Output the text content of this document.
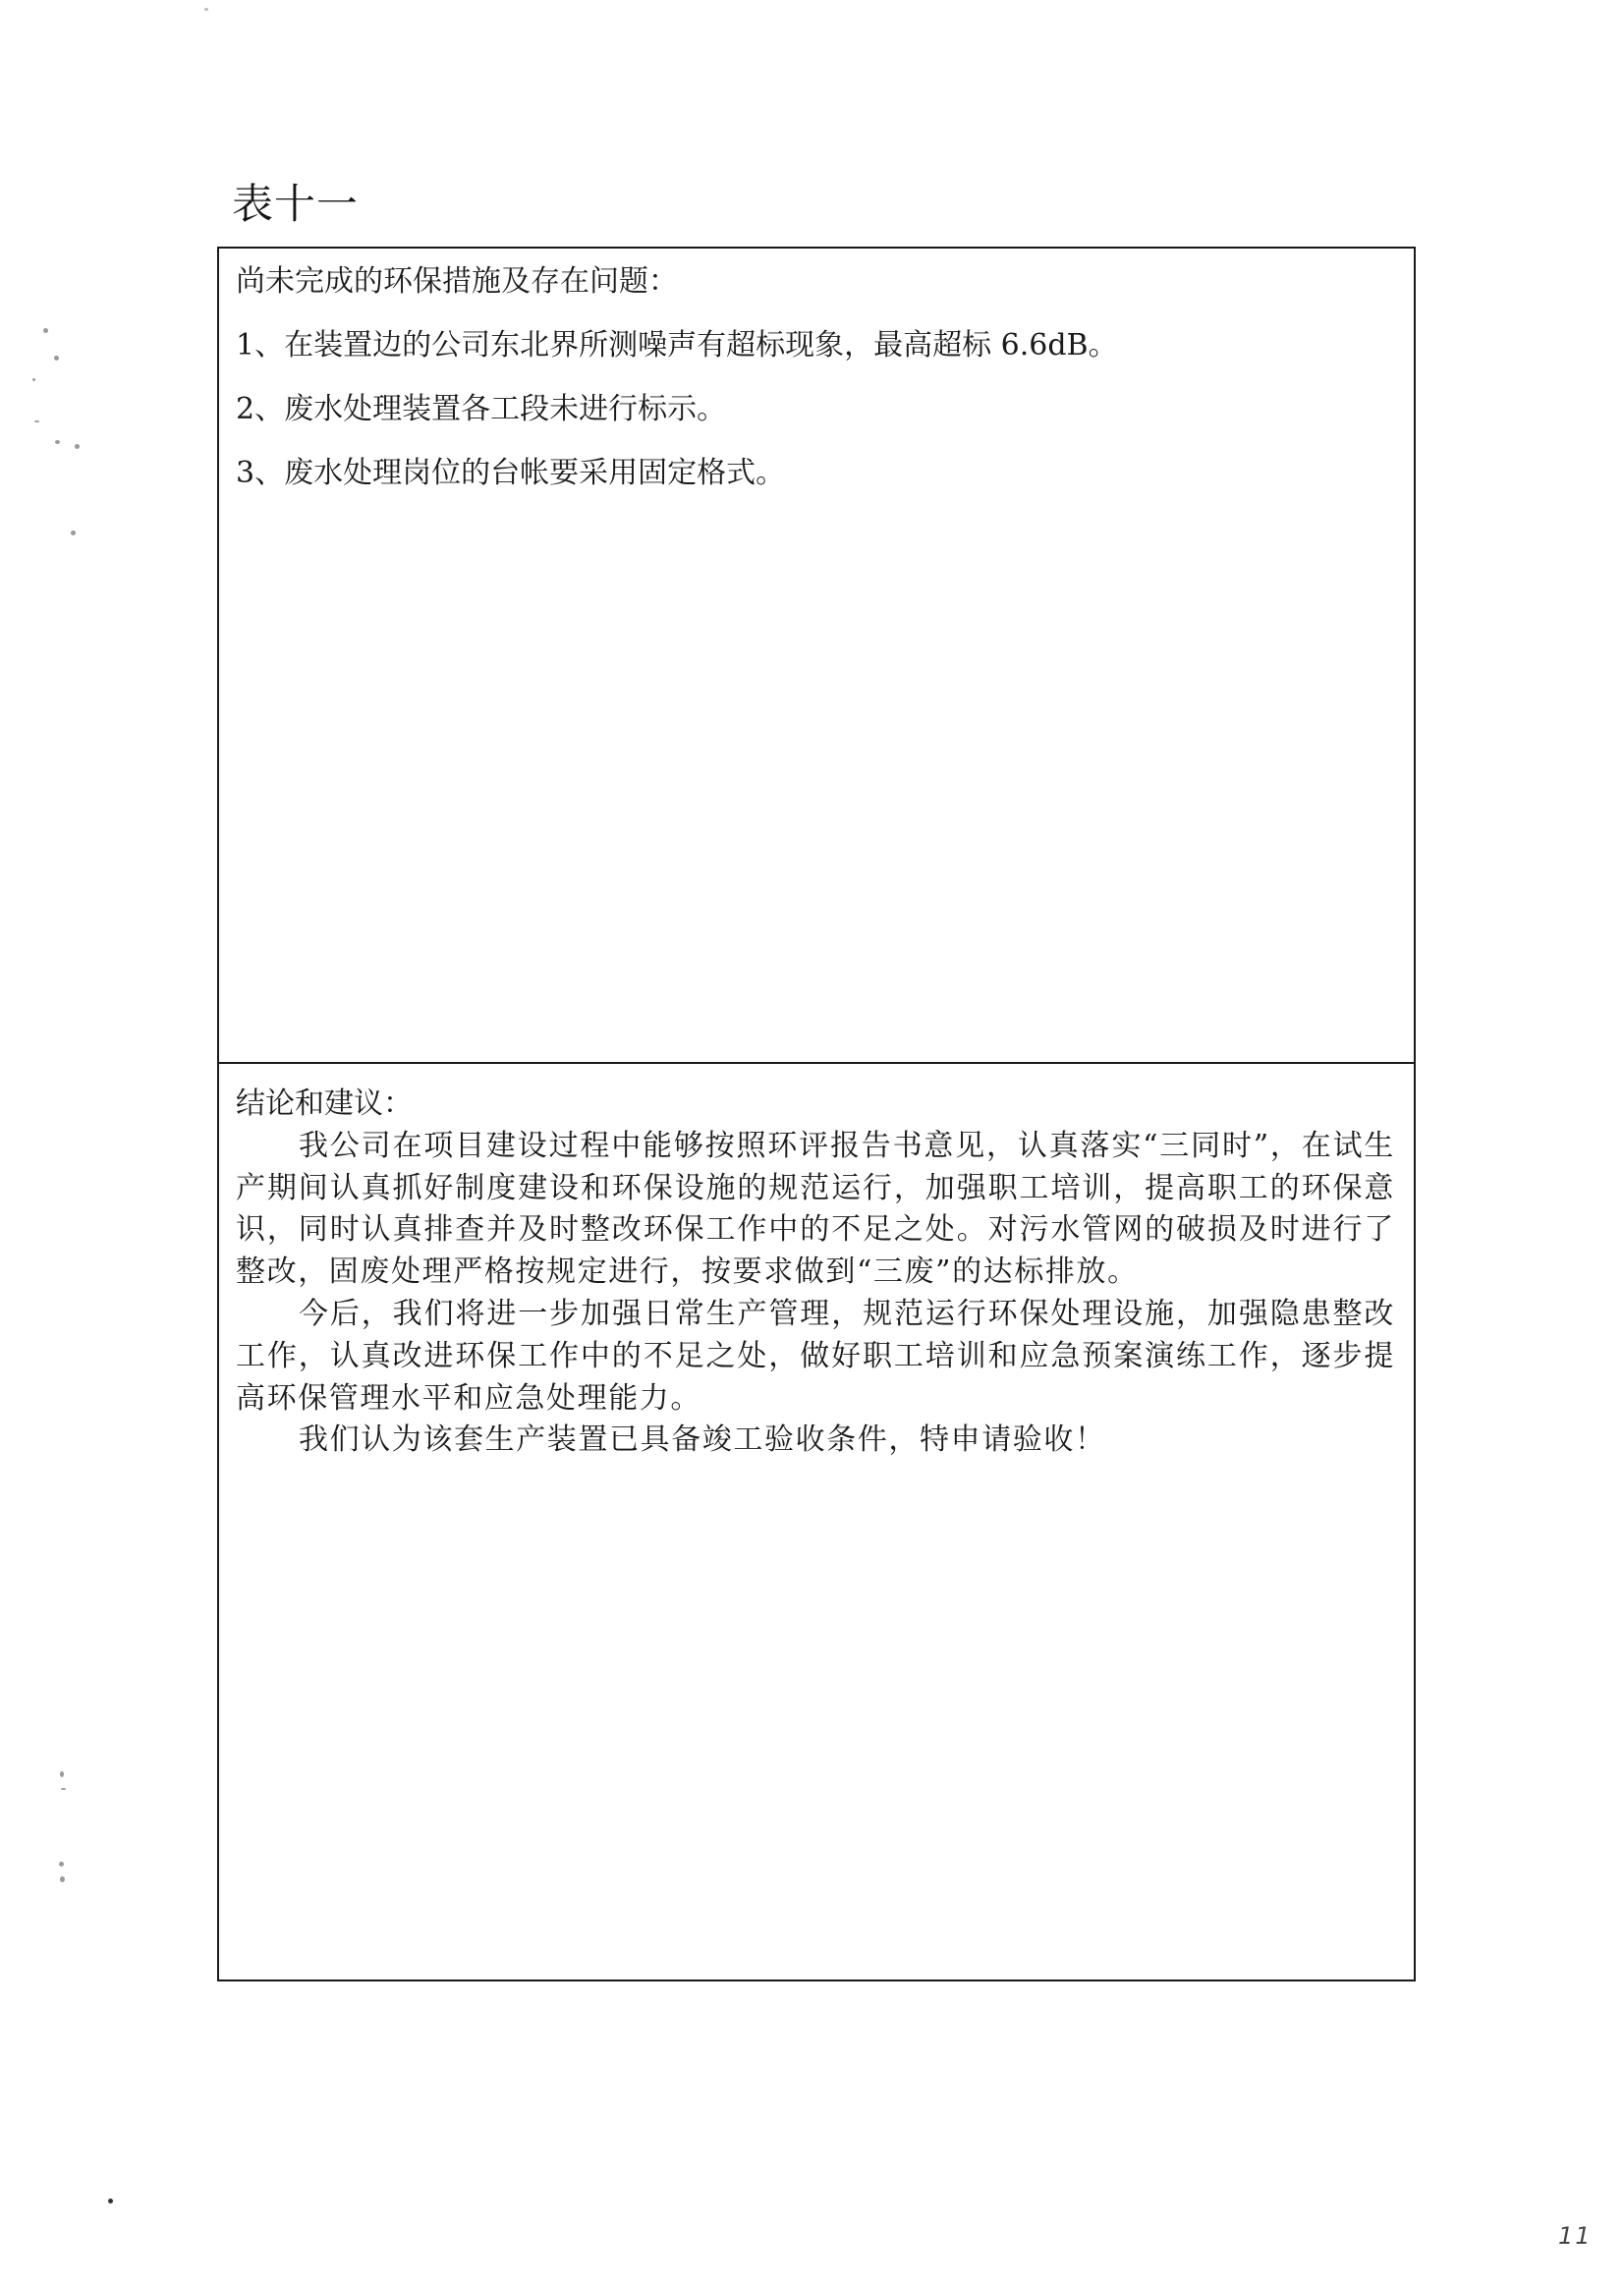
表十一
尚未完成的环保措施及存在问题：
1、在装置边的公司东北界所测噪声有超标现象，最高超标 6.6dB。
2、废水处理装置各工段未进行标示。
3、废水处理岗位的台帐要采用固定格式。
结论和建议：

我公司在项目建设过程中能够按照环评报告书意见，认真落实“三同时”，在试生产期间认真抓好制度建设和环保设施的规范运行，加强职工培训，提高职工的环保意识，同时认真排查并及时整改环保工作中的不足之处。对污水管网的破损及时进行了整改，固废处理严格按规定进行，按要求做到“三废”的达标排放。

今后，我们将进一步加强日常生产管理，规范运行环保处理设施，加强隐患整改工作，认真改进环保工作中的不足之处，做好职工培训和应急预案演练工作，逐步提高环保管理水平和应急处理能力。

我们认为该套生产装置已具备竣工验收条件，特申请验收！

11
